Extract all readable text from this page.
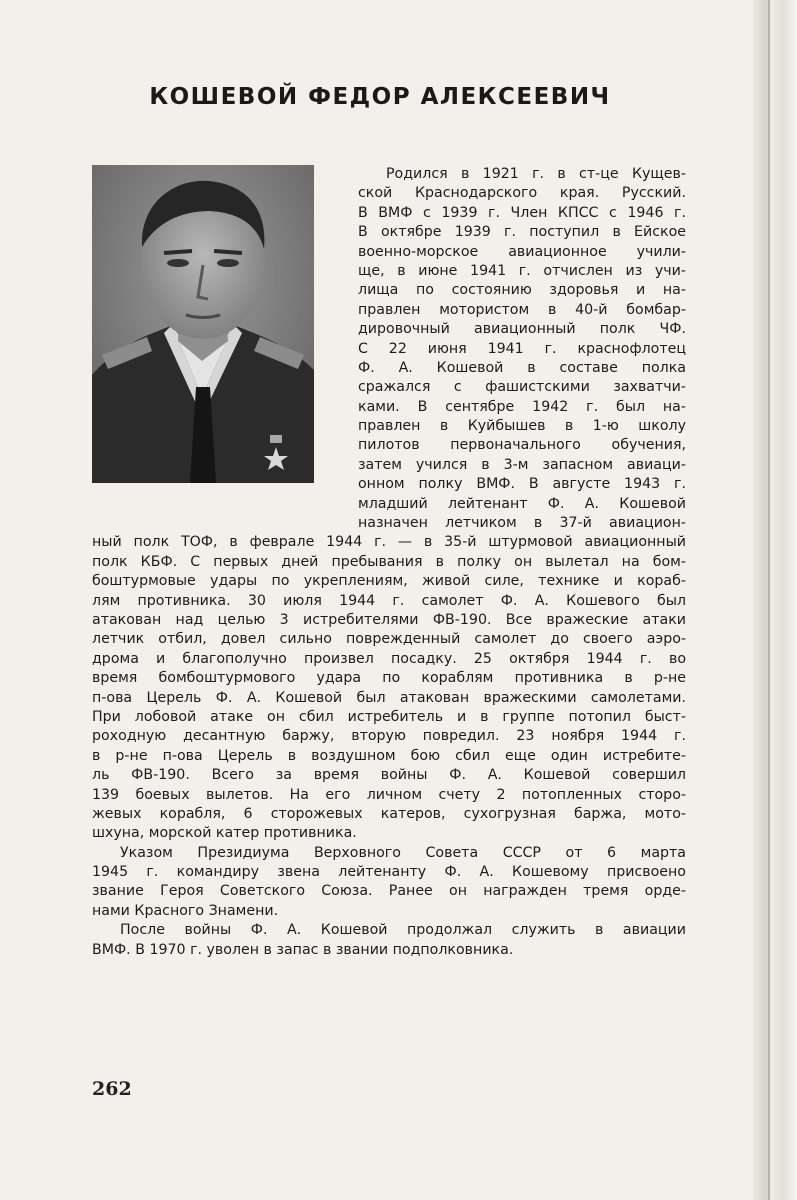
КОШЕВОЙ ФЕДОР АЛЕКСЕЕВИЧ
Родился в 1921 г. в ст-це Кущев-
ской Краснодарского края. Русский.
В ВМФ с 1939 г. Член КПСС с 1946 г.
В октябре 1939 г. поступил в Ейское
военно-морское авиационное учили-
ще, в июне 1941 г. отчислен из учи-
лища по состоянию здоровья и на-
правлен мотористом в 40-й бомбар-
дировочный авиационный полк ЧФ.
С 22 июня 1941 г. краснофлотец
Ф. А. Кошевой в составе полка
сражался с фашистскими захватчи-
ками. В сентябре 1942 г. был на-
правлен в Куйбышев в 1-ю школу
пилотов первоначального обучения,
затем учился в 3-м запасном авиаци-
онном полку ВМФ. В августе 1943 г.
младший лейтенант Ф. А. Кошевой
назначен летчиком в 37-й авиацион-
ный полк ТОФ, в феврале 1944 г. — в 35-й штурмовой авиационный
полк КБФ. С первых дней пребывания в полку он вылетал на бом-
бoштурмовые удары по укреплениям, живой силе, технике и кораб-
лям противника. 30 июля 1944 г. самолет Ф. А. Кошевого был
атакован над целью 3 истребителями ФВ-190. Все вражеские атаки
летчик отбил, довел сильно поврежденный самолет до своего аэро-
дрома и благополучно произвел посадку. 25 октября 1944 г. во
время бомбоштурмового удара по кораблям противника в р-не
п-ова Церель Ф. А. Кошевой был атакован вражескими самолетами.
При лобовой атаке он сбил истребитель и в группе потопил быст-
роходную десантную баржу, вторую повредил. 23 ноября 1944 г.
в р-не п-ова Церель в воздушном бою сбил еще один истребите-
ль ФВ-190. Всего за время войны Ф. А. Кошевой совершил
139 боевых вылетов. На его личном счету 2 потопленных сторо-
жевых корабля, 6 сторожевых катеров, сухогрузная баржа, мото-
шхуна, морской катер противника.
Указом Президиума Верховного Совета СССР от 6 марта
1945 г. командиру звена лейтенанту Ф. А. Кошевому присвоено
звание Героя Советского Союза. Ранее он награжден тремя орде-
нами Красного Знамени.
После войны Ф. А. Кошевой продолжал служить в авиации
ВМФ. В 1970 г. уволен в запас в звании подполковника.
262
